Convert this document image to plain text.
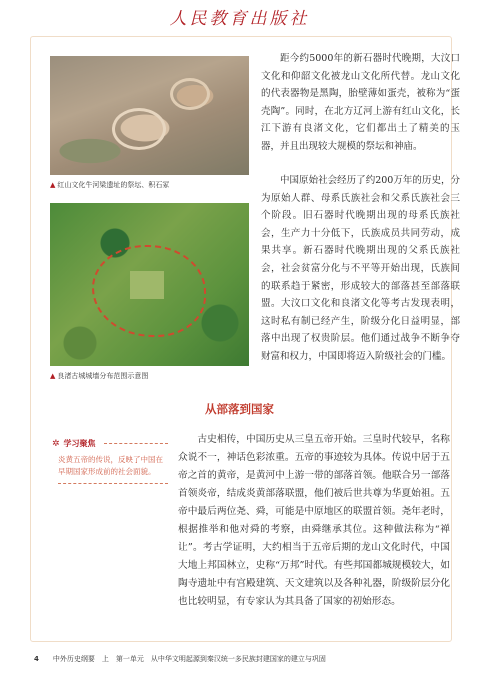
人民教育出版社
▲ 红山文化牛河梁遗址的祭坛、积石冢
▲ 良渚古城城墙分布范围示意图

距今约5000年的新石器时代晚期，大汶口文化和仰韶文化被龙山文化所代替。龙山文化的代表器物是黑陶，胎壁薄如蛋壳，被称为“蛋壳陶”。同时，在北方辽河上游有红山文化，长江下游有良渚文化，它们都出土了精美的玉器，并且出现较大规模的祭坛和神庙。

中国原始社会经历了约200万年的历史，分为原始人群、母系氏族社会和父系氏族社会三个阶段。旧石器时代晚期出现的母系氏族社会，生产力十分低下，氏族成员共同劳动，成果共享。新石器时代晚期出现的父系氏族社会，社会贫富分化与不平等开始出现，氏族间的联系趋于紧密，形成较大的部落甚至部落联盟。大汶口文化和良渚文化等考古发现表明，这时私有制已经产生，阶级分化日益明显，部落中出现了权贵阶层。他们通过战争不断争夺财富和权力，中国即将迈入阶级社会的门槛。

从部落到国家
✲ 学习聚焦
炎黄五帝的传说，反映了中国在早期国家形成前的社会面貌。

古史相传，中国历史从三皇五帝开始。三皇时代较早，名称众说不一，神话色彩浓重。五帝的事迹较为具体。传说中居于五帝之首的黄帝，是黄河中上游一带的部落首领。他联合另一部落首领炎帝，结成炎黄部落联盟，他们被后世共尊为华夏始祖。五帝中最后两位尧、舜，可能是中原地区的联盟首领。尧年老时，根据推举和他对舜的考察，由舜继承其位。这种做法称为“禅让”。考古学证明，大约相当于五帝后期的龙山文化时代，中国大地上邦国林立，史称“万邦”时代。有些邦国都城规模较大，如陶寺遗址中有宫殿建筑、天文建筑以及各种礼器，阶级阶层分化也比较明显，有专家认为其具备了国家的初始形态。

4 中外历史纲要　上　第一单元　从中华文明起源到秦汉统一多民族封建国家的建立与巩固
